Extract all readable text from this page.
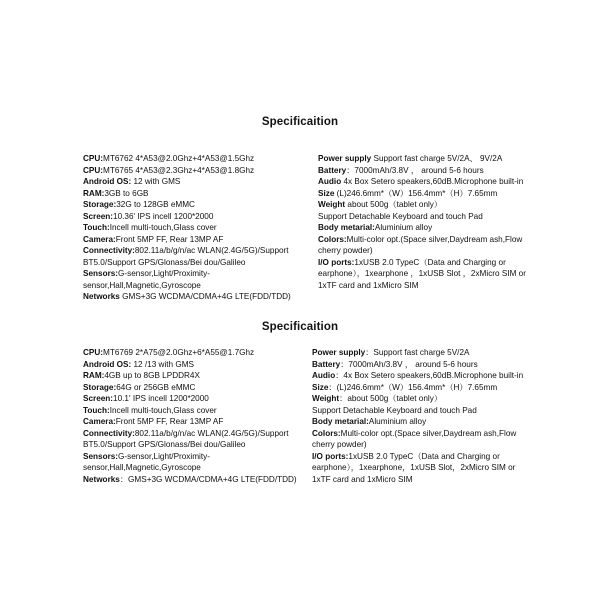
Specificaition
CPU:MT6762 4*A53@2.0Ghz+4*A53@1.5Ghz
CPU:MT6765 4*A53@2.3Ghz+4*A53@1.8Ghz
Android OS: 12 with GMS
RAM:3GB to 6GB
Storage:32G to 128GB eMMC
Screen:10.36' IPS incell 1200*2000
Touch:Incell multi-touch,Glass cover
Camera:Front 5MP FF, Rear 13MP AF
Connectivity:802.11a/b/g/n/ac WLAN(2.4G/5G)/Support
BT5.0/Support GPS/Glonass/Bei dou/Galileo
Sensors:G-sensor,Light/Proximity-
sensor,Hall,Magnetic,Gyroscope
Networks GMS+3G WCDMA/CDMA+4G LTE(FDD/TDD)
Power supply Support fast charge 5V/2A、 9V/2A
Battery：7000mAh/3.8V ， around 5-6 hours
Audio 4x Box Setero speakers,60dB.Microphone built-in
Size (L)246.6mm*（W）156.4mm*（H）7.65mm
Weight about 500g（tablet only）
Support Detachable Keyboard and touch Pad
Body metarial:Aluminium alloy
Colors:Multi-color opt.(Space silver,Daydream ash,Flow
cherry powder)
I/O ports:1xUSB 2.0 TypeC（Data and Charging or
earphone），1xearphone ，1xUSB Slot ，2xMicro SIM or
1xTF card and 1xMicro SIM
Specificaition
CPU:MT6769 2*A75@2.0Ghz+6*A55@1.7Ghz
Android OS: 12 /13 with GMS
RAM:4GB up to 8GB LPDDR4X
Storage:64G or 256GB eMMC
Screen:10.1' IPS incell 1200*2000
Touch:Incell multi-touch,Glass cover
Camera:Front 5MP FF, Rear 13MP AF
Connectivity:802.11a/b/g/n/ac WLAN(2.4G/5G)/Support
BT5.0/Support GPS/Glonass/Bei dou/Galileo
Sensors:G-sensor,Light/Proximity-
sensor,Hall,Magnetic,Gyroscope
Networks：GMS+3G WCDMA/CDMA+4G LTE(FDD/TDD)
Power supply：Support fast charge 5V/2A
Battery：7000mAh/3.8V ， around 5-6 hours
Audio：4x Box Setero speakers,60dB.Microphone built-in
Size：(L)246.6mm*（W）156.4mm*（H）7.65mm
Weight：about 500g（tablet only）
Support Detachable Keyboard and touch Pad
Body metarial:Aluminium alloy
Colors:Multi-color opt.(Space silver,Daydream ash,Flow
cherry powder)
I/O ports:1xUSB 2.0 TypeC（Data and Charging or
earphone），1xearphone，1xUSB Slot，2xMicro SIM or
1xTF card and 1xMicro SIM
